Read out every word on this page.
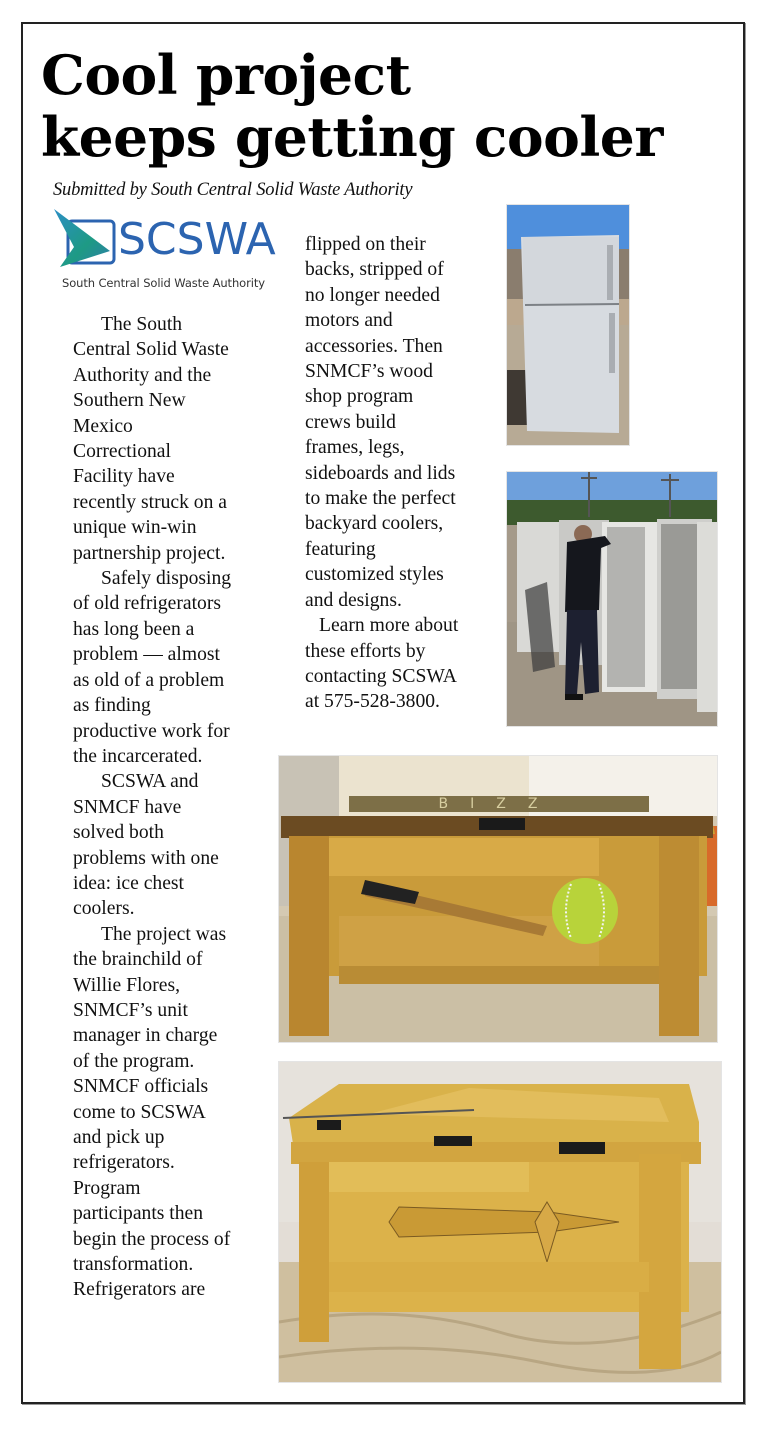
Cool project
keeps getting cooler
Submitted by South Central Solid Waste Authority
SCSWA
South Central Solid Waste Authority
The South
Central Solid Waste
Authority and the
Southern New
Mexico
Correctional
Facility have
recently struck on a
unique win-win
partnership project.
Safely disposing
of old refrigerators
has long been a
problem — almost
as old of a problem
as finding
productive work for
the incarcerated.
SCSWA and
SNMCF have
solved both
problems with one
idea: ice chest
coolers.
The project was
the brainchild of
Willie Flores,
SNMCF’s unit
manager in charge
of the program.
SNMCF officials
come to SCSWA
and pick up
refrigerators.
Program
participants then
begin the process of
transformation.
Refrigerators are
flipped on their
backs, stripped of
no longer needed
motors and
accessories. Then
SNMCF’s wood
shop program
crews build
frames, legs,
sideboards and lids
to make the perfect
backyard coolers,
featuring
customized styles
and designs.
Learn more about
these efforts by
contacting SCSWA
at 575-528-3800.
BIZZ
